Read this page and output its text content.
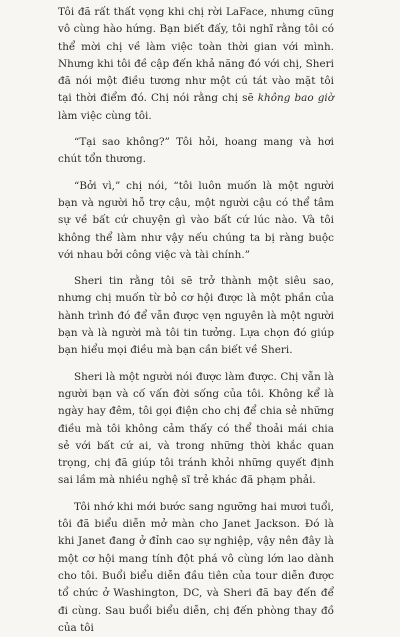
Tôi đã rất thất vọng khi chị rời LaFace, nhưng cũng vô cùng hào hứng. Bạn biết đấy, tôi nghĩ rằng tôi có thể mời chị về làm việc toàn thời gian với mình. Nhưng khi tôi đề cập đến khả năng đó với chị, Sheri đã nói một điều tương như một cú tát vào mặt tôi tại thời điểm đó. Chị nói rằng chị sẽ không bao giờ làm việc cùng tôi.

“Tại sao không?” Tôi hỏi, hoang mang và hơi chút tổn thương.

“Bởi vì,” chị nói, “tôi luôn muốn là một người bạn và người hỗ trợ cậu, một người cậu có thể tâm sự về bất cứ chuyện gì vào bất cứ lúc nào. Và tôi không thể làm như vậy nếu chúng ta bị ràng buộc với nhau bởi công việc và tài chính.”

Sheri tin rằng tôi sẽ trở thành một siêu sao, nhưng chị muốn từ bỏ cơ hội được là một phần của hành trình đó để vẫn được vẹn nguyên là một người bạn và là người mà tôi tin tưởng. Lựa chọn đó giúp bạn hiểu mọi điều mà bạn cần biết về Sheri.

Sheri là một người nói được làm được. Chị vẫn là người bạn và cố vấn đời sống của tôi. Không kể là ngày hay đêm, tôi gọi điện cho chị để chia sẻ những điều mà tôi không cảm thấy có thể thoải mái chia sẻ với bất cứ ai, và trong những thời khắc quan trọng, chị đã giúp tôi tránh khỏi những quyết định sai lầm mà nhiều nghệ sĩ trẻ khác đã phạm phải.

Tôi nhớ khi mới bước sang ngưỡng hai mươi tuổi, tôi đã biểu diễn mở màn cho Janet Jackson. Đó là khi Janet đang ở đỉnh cao sự nghiệp, vậy nên đây là một cơ hội mang tính đột phá vô cùng lớn lao dành cho tôi. Buổi biểu diễn đầu tiên của tour diễn được tổ chức ở Washington, DC, và Sheri đã bay đến để đi cùng. Sau buổi biểu diễn, chị đến phòng thay đồ của tôi
